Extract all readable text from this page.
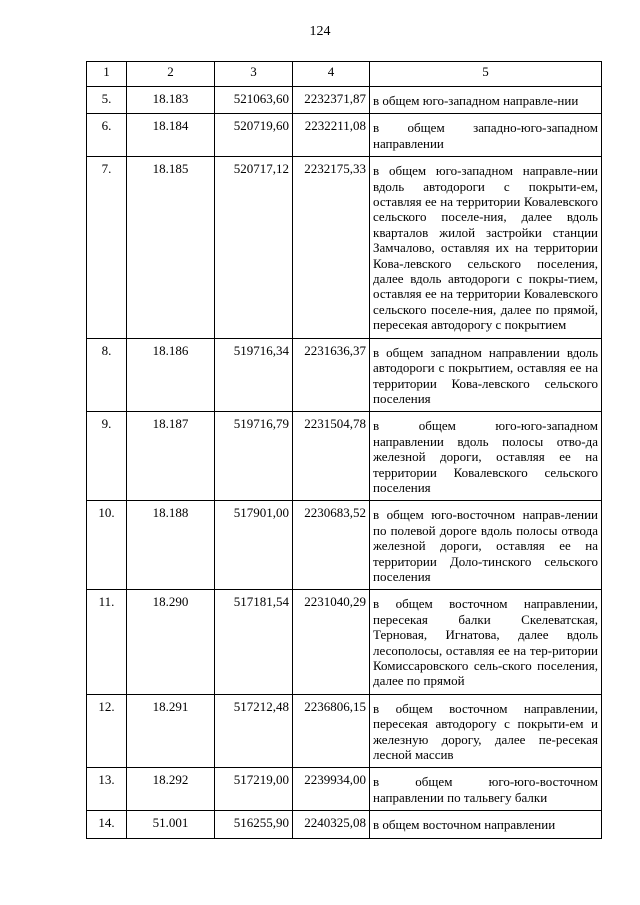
124
1	2	3	4	5
5.	18.183	521063,60	2232371,87	в общем юго-западном направле-нии
6.	18.184	520719,60	2232211,08	в общем западно-юго-западном направлении
7.	18.185	520717,12	2232175,33	в общем юго-западном направле-нии вдоль автодороги с покрыти-ем, оставляя ее на территории Ковалевского сельского поселе-ния, далее вдоль кварталов жилой застройки станции Замчалово, оставляя их на территории Кова-левского сельского поселения, далее вдоль автодороги с покры-тием, оставляя ее на территории Ковалевского сельского поселе-ния, далее по прямой, пересекая автодорогу с покрытием
8.	18.186	519716,34	2231636,37	в общем западном направлении вдоль автодороги с покрытием, оставляя ее на территории Кова-левского сельского поселения
9.	18.187	519716,79	2231504,78	в общем юго-юго-западном направлении вдоль полосы отво-да железной дороги, оставляя ее на территории Ковалевского сельского поселения
10.	18.188	517901,00	2230683,52	в общем юго-восточном направ-лении по полевой дороге вдоль полосы отвода железной дороги, оставляя ее на территории Доло-тинского сельского поселения
11.	18.290	517181,54	2231040,29	в общем восточном направлении, пересекая балки Скелеватская, Терновая, Игнатова, далее вдоль лесополосы, оставляя ее на тер-ритории Комиссаровского сель-ского поселения, далее по прямой
12.	18.291	517212,48	2236806,15	в общем восточном направлении, пересекая автодорогу с покрыти-ем и железную дорогу, далее пе-ресекая лесной массив
13.	18.292	517219,00	2239934,00	в общем юго-юго-восточном направлении по тальвегу балки
14.	51.001	516255,90	2240325,08	в общем восточном направлении
